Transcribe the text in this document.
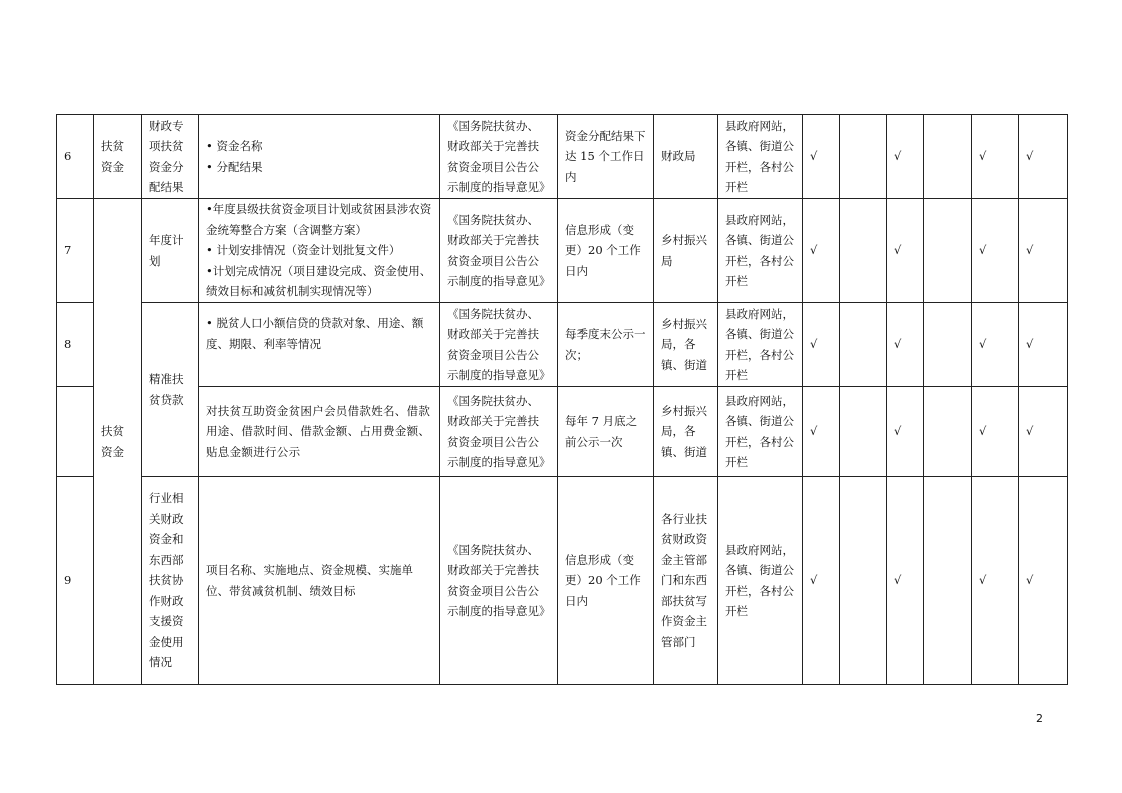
6	扶贫资金	财政专项扶贫资金分配结果	• 资金名称
• 分配结果	《国务院扶贫办、财政部关于完善扶贫资金项目公告公示制度的指导意见》	资金分配结果下达 15 个工作日内	财政局	县政府网站，各镇、街道公开栏，各村公开栏	√		√		√	√
7	扶贫资金	年度计划	•年度县级扶贫资金项目计划或贫困县涉农资金统筹整合方案（含调整方案）
• 计划安排情况（资金计划批复文件）
•计划完成情况（项目建设完成、资金使用、绩效目标和减贫机制实现情况等）	《国务院扶贫办、财政部关于完善扶贫资金项目公告公示制度的指导意见》	信息形成（变更）20 个工作日内	乡村振兴局	县政府网站，各镇、街道公开栏，各村公开栏	√		√		√	√
8		精准扶贫贷款	• 脱贫人口小额信贷的贷款对象、用途、额度、期限、利率等情况	《国务院扶贫办、财政部关于完善扶贫资金项目公告公示制度的指导意见》	每季度末公示一次；	乡村振兴局，各镇、街道	县政府网站，各镇、街道公开栏，各村公开栏	√		√		√	√
			对扶贫互助资金贫困户会员借款姓名、借款用途、借款时间、借款金额、占用费金额、贴息金额进行公示	《国务院扶贫办、财政部关于完善扶贫资金项目公告公示制度的指导意见》	每年 7 月底之前公示一次	乡村振兴局，各镇、街道	县政府网站，各镇、街道公开栏，各村公开栏	√		√		√	√
9		行业相关财政资金和东西部扶贫协作财政支援资金使用情况	项目名称、实施地点、资金规模、实施单位、带贫减贫机制、绩效目标	《国务院扶贫办、财政部关于完善扶贫资金项目公告公示制度的指导意见》	信息形成（变更）20 个工作日内	各行业扶贫财政资金主管部门和东西部扶贫写作资金主管部门	县政府网站，各镇、街道公开栏，各村公开栏	√		√		√	√
2
